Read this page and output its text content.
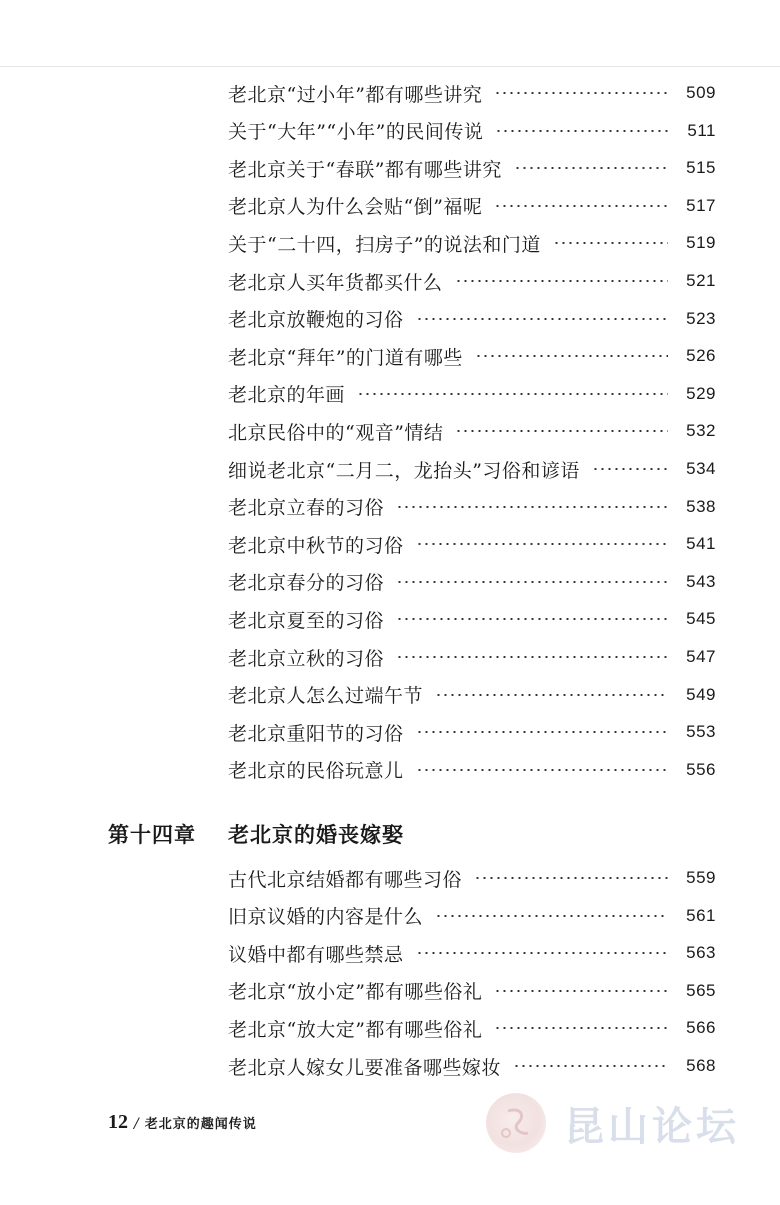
老北京“过小年”都有哪些讲究	509
关于“大年”“小年”的民间传说	511
老北京关于“春联”都有哪些讲究	515
老北京人为什么会贴“倒”福呢	517
关于“二十四，扫房子”的说法和门道	519
老北京人买年货都买什么	521
老北京放鞭炮的习俗	523
老北京“拜年”的门道有哪些	526
老北京的年画	529
北京民俗中的“观音”情结	532
细说老北京“二月二，龙抬头”习俗和谚语	534
老北京立春的习俗	538
老北京中秋节的习俗	541
老北京春分的习俗	543
老北京夏至的习俗	545
老北京立秋的习俗	547
老北京人怎么过端午节	549
老北京重阳节的习俗	553
老北京的民俗玩意儿	556
第十四章	老北京的婚丧嫁娶
古代北京结婚都有哪些习俗	559
旧京议婚的内容是什么	561
议婚中都有哪些禁忌	563
老北京“放小定”都有哪些俗礼	565
老北京“放大定”都有哪些俗礼	566
老北京人嫁女儿要准备哪些嫁妆	568
12 / 老北京的趣闻传说	昆山论坛
